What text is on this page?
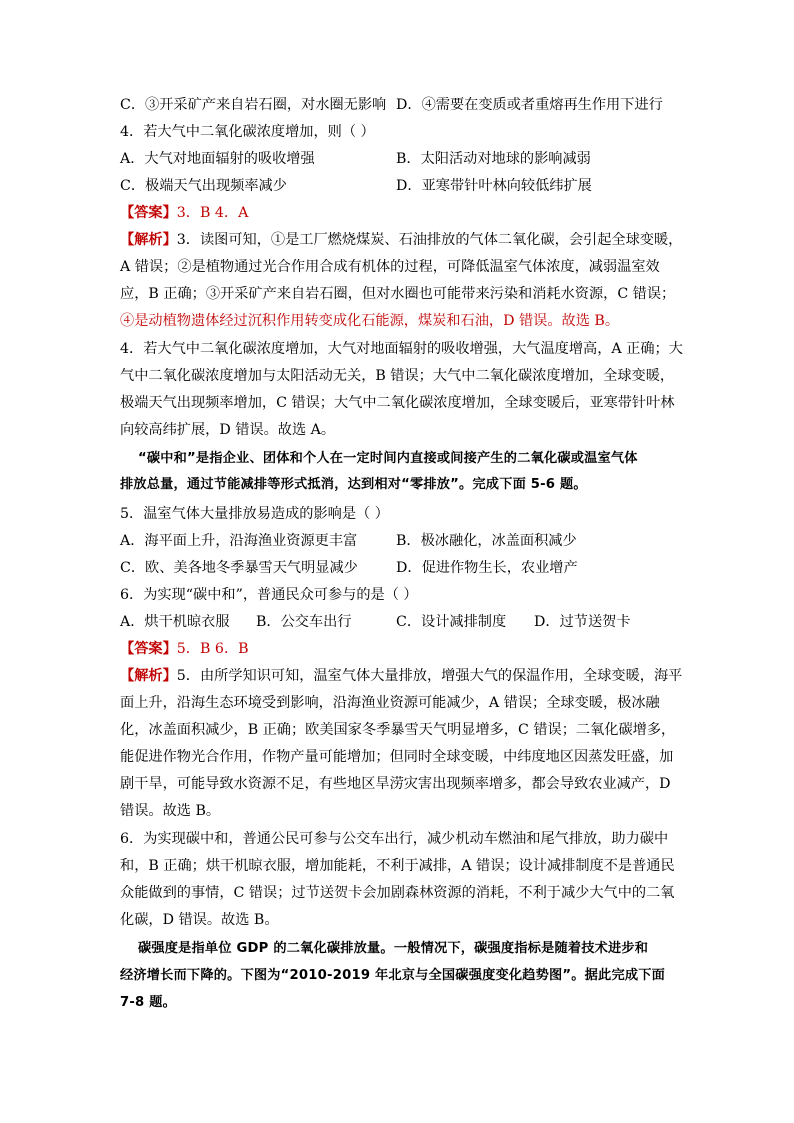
C．③开采矿产来自岩石圈，对水圈无影响 D．④需要在变质或者重熔再生作用下进行
4．若大气中二氧化碳浓度增加，则（ ）
A．大气对地面辐射的吸收增强	B．太阳活动对地球的影响减弱
C．极端天气出现频率减少	D．亚寒带针叶林向较低纬扩展
【答案】3．B 4．A
【解析】3．读图可知，①是工厂燃烧煤炭、石油排放的气体二氧化碳，会引起全球变暖，
A 错误；②是植物通过光合作用合成有机体的过程，可降低温室气体浓度，减弱温室效
应，B 正确；③开采矿产来自岩石圈，但对水圈也可能带来污染和消耗水资源，C 错误；
④是动植物遗体经过沉积作用转变成化石能源，煤炭和石油，D 错误。故选 B。
4．若大气中二氧化碳浓度增加，大气对地面辐射的吸收增强，大气温度增高，A 正确；大
气中二氧化碳浓度增加与太阳活动无关，B 错误；大气中二氧化碳浓度增加，全球变暖，
极端天气出现频率增加，C 错误；大气中二氧化碳浓度增加，全球变暖后，亚寒带针叶林
向较高纬扩展，D 错误。故选 A。
“碳中和”是指企业、团体和个人在一定时间内直接或间接产生的二氧化碳或温室气体
排放总量，通过节能减排等形式抵消，达到相对“零排放”。完成下面 5-6 题。
5．温室气体大量排放易造成的影响是（ ）
A．海平面上升，沿海渔业资源更丰富	B．极冰融化，冰盖面积减少
C．欧、美各地冬季暴雪天气明显减少	D．促进作物生长，农业增产
6．为实现“碳中和”，普通民众可参与的是（ ）
A．烘干机晾衣服 B．公交车出行	C．设计减排制度 D．过节送贺卡
【答案】5．B 6．B
【解析】5．由所学知识可知，温室气体大量排放，增强大气的保温作用，全球变暖，海平
面上升，沿海生态环境受到影响，沿海渔业资源可能减少，A 错误；全球变暖，极冰融
化，冰盖面积减少，B 正确；欧美国家冬季暴雪天气明显增多，C 错误；二氧化碳增多，
能促进作物光合作用，作物产量可能增加；但同时全球变暖，中纬度地区因蒸发旺盛，加
剧干旱，可能导致水资源不足，有些地区旱涝灾害出现频率增多，都会导致农业减产，D
错误。故选 B。
6．为实现碳中和，普通公民可参与公交车出行，减少机动车燃油和尾气排放，助力碳中
和，B 正确；烘干机晾衣服，增加能耗，不利于减排，A 错误；设计减排制度不是普通民
众能做到的事情，C 错误；过节送贺卡会加剧森林资源的消耗，不利于减少大气中的二氧
化碳，D 错误。故选 B。
碳强度是指单位 GDP 的二氧化碳排放量。一般情况下，碳强度指标是随着技术进步和
经济增长而下降的。下图为“2010-2019 年北京与全国碳强度变化趋势图”。据此完成下面
7-8 题。
